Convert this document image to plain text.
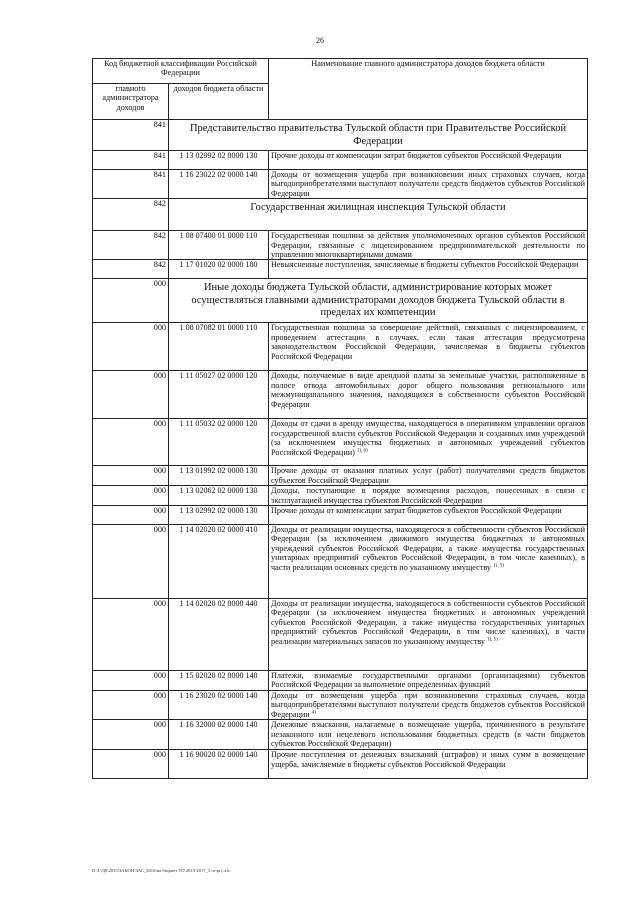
26
Код бюджетной классификации Российской Федерации		Наименование главного администратора доходов бюджета области
главного администратора доходов	доходов бюджета области	
841	Представительство правительства Тульской области при Правительстве Российской Федерации	
841	1 13 02992 02 0000 130	Прочие доходы от компенсации затрат бюджетов субъектов Российской Федерации
841	1 16 23022 02 0000 140	Доходы от возмещения ущерба при возникновении иных страховых случаев, когда выгодоприобретателями выступают получатели средств бюджетов субъектов Российской Федерации
842	Государственная жилищная инспекция Тульской области	
842	1 08 07400 01 0000 110	Государственная пошлина за действия уполномоченных органов субъектов Российской Федерации, связанные с лицензированием предпринимательской деятельности по управлению многоквартирными домами
842	1 17 01020 02 0000 180	Невыясненные поступления, зачисляемые в бюджеты субъектов Российской Федерации
000	Иные доходы бюджета Тульской области, администрирование которых может осуществляться главными администраторами доходов бюджета Тульской области в пределах их компетенции	
000	1 08 07082 01 0000 110	Государственная пошлина за совершение действий, связанных с лицензированием, с проведением аттестации в случаях, если такая аттестация предусмотрена законодательством Российской Федерации, зачисляемая в бюджеты субъектов Российской Федерации
000	1 11 05027 02 0000 120	Доходы, получаемые в виде арендной платы за земельные участки, расположенные в полосе отвода автомобильных дорог общего пользования регионального или межмуниципального значения, находящихся в собственности субъектов Российской Федерации
000	1 11 05032 02 0000 120	Доходы от сдачи в аренду имущества, находящегося в оперативном управлении органов государственной власти субъектов Российской Федерации и созданных ими учреждений (за исключением имущества бюджетных и автономных учреждений субъектов Российской Федерации) $^{1), 6)}$
000	1 13 01992 02 0000 130	Прочие доходы от оказания платных услуг (работ) получателями средств бюджетов субъектов Российской Федерации
000	1 13 02062 02 0000 130	Доходы, поступающие в порядке возмещения расходов, понесенных в связи с эксплуатацией имущества субъектов Российской Федерации
000	1 13 02992 02 0000 130	Прочие доходы от компенсации затрат бюджетов субъектов Российской Федерации
000	1 14 02020 02 0000 410	Доходы от реализации имущества, находящегося в собственности субъектов Российской Федерации (за исключением движимого имущества бюджетных и автономных учреждений субъектов Российской Федерации, а также имущества государственных унитарных предприятий субъектов Российской Федерации, в том числе казенных), в части реализации основных средств по указанному имуществу $^{1), 5)}$
000	1 14 02020 02 0000 440	Доходы от реализации имущества, находящегося в собственности субъектов Российской Федерации (за исключением имущества бюджетных и автономных учреждений субъектов Российской Федерации, а также имущества государственных унитарных предприятий субъектов Российской Федерации, в том числе казенных), в части реализации материальных запасов по указанному имуществу $^{1), 5)}$
000	1 15 02020 02 0000 140	Платежи, взимаемые государственными органами (организациями) субъектов Российской Федерации за выполнение определенных функций
000	1 16 23020 02 0000 140	Доходы от возмещения ущерба при возникновении страховых случаев, когда выгодоприобретателями выступают получатели средств бюджетов субъектов Российской Федерации $^{4)}$
000	1 16 32000 02 0000 140	Денежные взыскания, налагаемые в возмещение ущерба, причиненного в результате незаконного или нецелевого использования бюджетных средств (в части бюджетов субъектов Российской Федерации)
000	1 16 90020 02 0000 140	Прочие поступления от денежных взысканий (штрафов) и иных сумм в возмещение ущерба, зачисляемые в бюджеты субъектов Российской Федерации
D:\Г\Д6\2015\ЗАКОН\ЗАС_2016\на бюджет ТО 2015-2017_3 чт\pr1.xls
